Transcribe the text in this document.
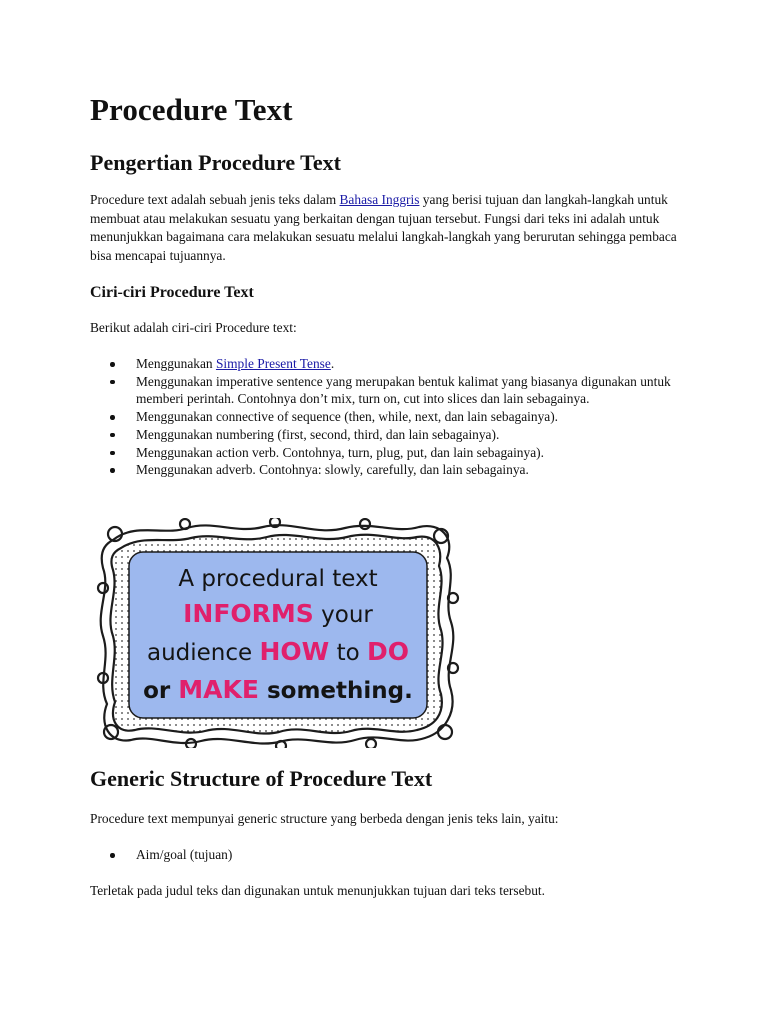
Procedure Text
Pengertian Procedure Text

Procedure text adalah sebuah jenis teks dalam Bahasa Inggris yang berisi tujuan dan langkah-langkah untuk membuat atau melakukan sesuatu yang berkaitan dengan tujuan tersebut. Fungsi dari teks ini adalah untuk menunjukkan bagaimana cara melakukan sesuatu melalui langkah-langkah yang berurutan sehingga pembaca bisa mencapai tujuannya.

Ciri-ciri Procedure Text

Berikut adalah ciri-ciri Procedure text:

Menggunakan Simple Present Tense.
Menggunakan imperative sentence yang merupakan bentuk kalimat yang biasanya digunakan untuk memberi perintah. Contohnya don’t mix, turn on, cut into slices dan lain sebagainya.
Menggunakan connective of sequence (then, while, next, dan lain sebagainya).
Menggunakan numbering (first, second, third, dan lain sebagainya).
Menggunakan action verb. Contohnya, turn, plug, put, dan lain sebagainya).
Menggunakan adverb. Contohnya: slowly, carefully, dan lain sebagainya.
Generic Structure of Procedure Text

Procedure text mempunyai generic structure yang berbeda dengan jenis teks lain, yaitu:

Aim/goal (tujuan)

Terletak pada judul teks dan digunakan untuk menunjukkan tujuan dari teks tersebut.

A procedural text
INFORMS your
audience HOW to DO
or MAKE something.
